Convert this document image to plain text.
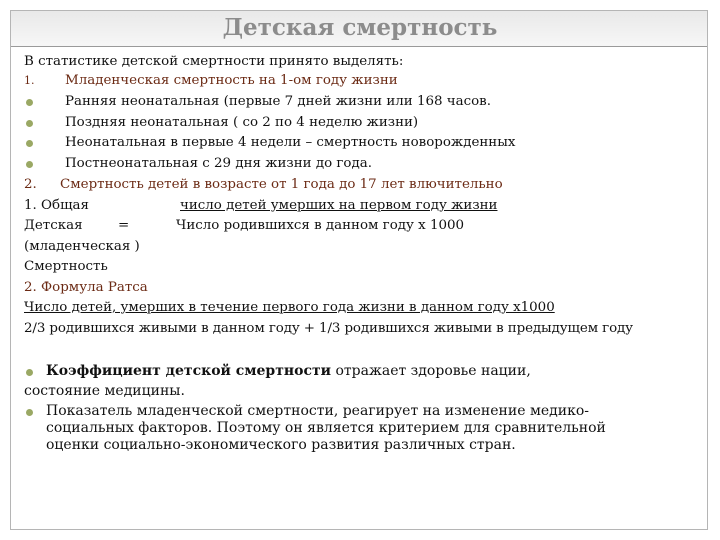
Детская смертность
В статистике детской смертности принято выделять:
1. Младенческая смертность на 1-ом году жизни
Ранняя неонатальная (первые 7 дней жизни или 168 часов.
Поздняя неонатальная ( со 2 по 4 неделю жизни)
Неонатальная в первые 4 недели – смертность новорожденных
Постнеонатальная с 29 дня жизни до года.
2. Смертность детей в возрасте от 1 года до 17 лет влючительно
1. Общая	число детей умерших на первом году жизни
Детская	=	Число родившихся в данном году х 1000
(младенческая )
Смертность
2. Формула Ратса
Число детей, умерших в течение первого года жизни в данном году х1000
2/3 родившихся живыми в данном году + 1/3 родившихся живыми в предыдущем году
Коэффициент детской смертности отражает здоровье нации,
состояние медицины.
Показатель младенческой смертности, реагирует на изменение медико-
социальных факторов. Поэтому он является критерием для сравнительной
оценки социально-экономического развития различных стран.
